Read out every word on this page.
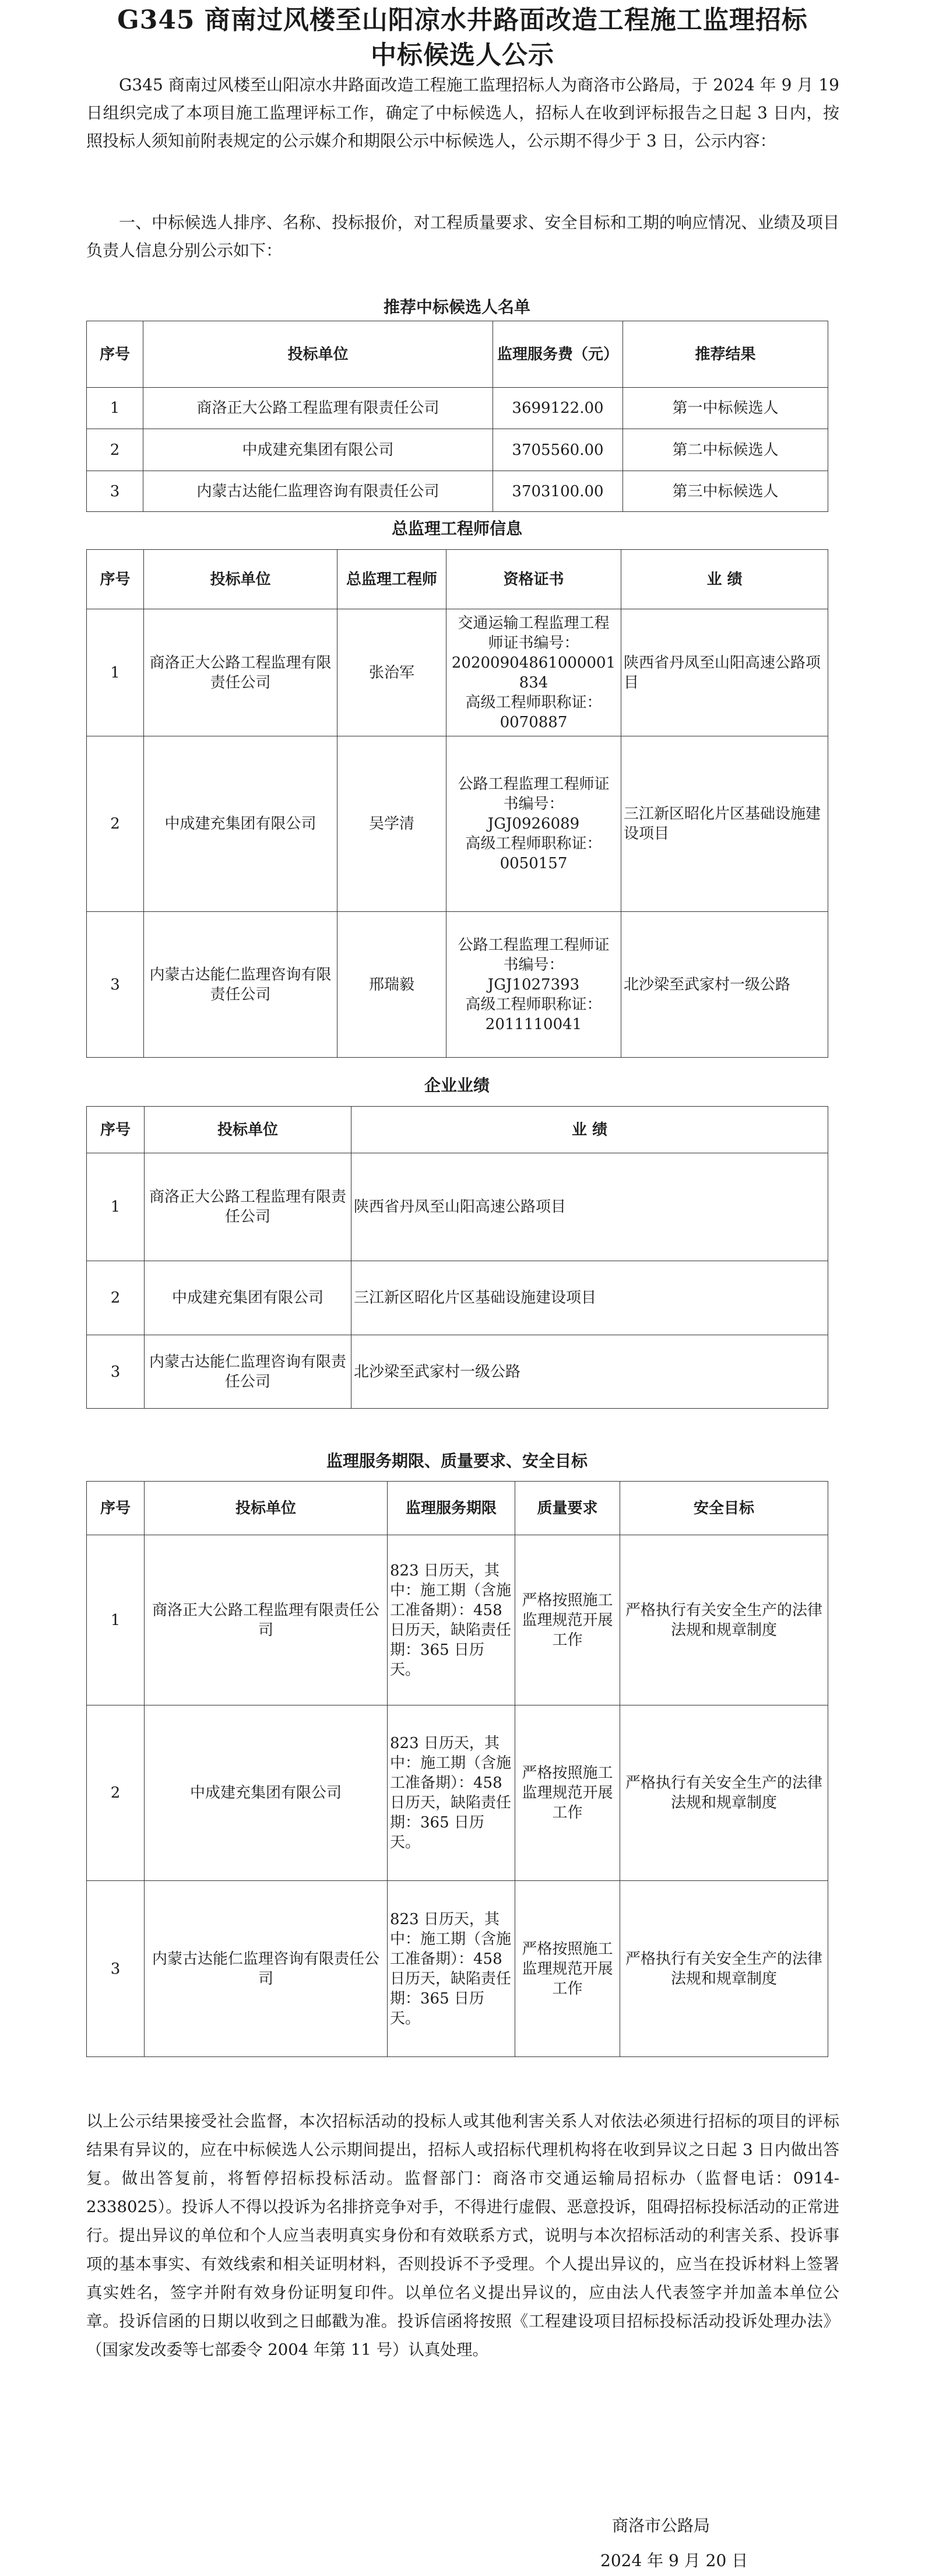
G345 商南过风楼至山阳凉水井路面改造工程施工监理招标
中标候选人公示

G345 商南过风楼至山阳凉水井路面改造工程施工监理招标人为商洛市公路局，于 2024 年 9 月 19 日组织完成了本项目施工监理评标工作，确定了中标候选人，招标人在收到评标报告之日起 3 日内，按照投标人须知前附表规定的公示媒介和期限公示中标候选人，公示期不得少于 3 日，公示内容：

一、中标候选人排序、名称、投标报价，对工程质量要求、安全目标和工期的响应情况、业绩及项目负责人信息分别公示如下：

推荐中标候选人名单
序号	投标单位	监理服务费（元）	推荐结果
1	商洛正大公路工程监理有限责任公司	3699122.00	第一中标候选人
2	中成建充集团有限公司	3705560.00	第二中标候选人
3	内蒙古达能仁监理咨询有限责任公司	3703100.00	第三中标候选人
总监理工程师信息
序号	投标单位	总监理工程师	资格证书	业 绩
1	商洛正大公路工程监理有限责任公司	张治军	交通运输工程监理工程
师证书编号：
20200904861000001834
高级工程师职称证：
0070887	陕西省丹凤至山阳高速公路项目
2	中成建充集团有限公司	吴学清	公路工程监理工程师证
书编号：
JGJ0926089
高级工程师职称证：
0050157	三江新区昭化片区基础设施建设项目
3	内蒙古达能仁监理咨询有限责任公司	邢瑞毅	公路工程监理工程师证
书编号：
JGJ1027393
高级工程师职称证：
2011110041	北沙梁至武家村一级公路
企业业绩
序号	投标单位	业 绩
1	商洛正大公路工程监理有限责任公司	陕西省丹凤至山阳高速公路项目
2	中成建充集团有限公司	三江新区昭化片区基础设施建设项目
3	内蒙古达能仁监理咨询有限责任公司	北沙梁至武家村一级公路
监理服务期限、质量要求、安全目标
序号	投标单位	监理服务期限	质量要求	安全目标
1	商洛正大公路工程监理有限责任公司	823 日历天，其中：施工期（含施工准备期）：458 日历天，缺陷责任期：365 日历天。	严格按照施工监理规范开展工作	严格执行有关安全生产的法律法规和规章制度
2	中成建充集团有限公司	823 日历天，其中：施工期（含施工准备期）：458 日历天，缺陷责任期：365 日历天。	严格按照施工监理规范开展工作	严格执行有关安全生产的法律法规和规章制度
3	内蒙古达能仁监理咨询有限责任公司	823 日历天，其中：施工期（含施工准备期）：458 日历天，缺陷责任期：365 日历天。	严格按照施工监理规范开展工作	严格执行有关安全生产的法律法规和规章制度

以上公示结果接受社会监督，本次招标活动的投标人或其他利害关系人对依法必须进行招标的项目的评标结果有异议的，应在中标候选人公示期间提出，招标人或招标代理机构将在收到异议之日起 3 日内做出答复。做出答复前，将暂停招标投标活动。监督部门：商洛市交通运输局招标办（监督电话：0914-2338025）。投诉人不得以投诉为名排挤竞争对手，不得进行虚假、恶意投诉，阻碍招标投标活动的正常进行。提出异议的单位和个人应当表明真实身份和有效联系方式，说明与本次招标活动的利害关系、投诉事项的基本事实、有效线索和相关证明材料，否则投诉不予受理。个人提出异议的，应当在投诉材料上签署真实姓名，签字并附有效身份证明复印件。以单位名义提出异议的，应由法人代表签字并加盖本单位公章。投诉信函的日期以收到之日邮戳为准。投诉信函将按照《工程建设项目招标投标活动投诉处理办法》（国家发改委等七部委令 2004 年第 11 号）认真处理。

商洛市公路局
2024 年 9 月 20 日
